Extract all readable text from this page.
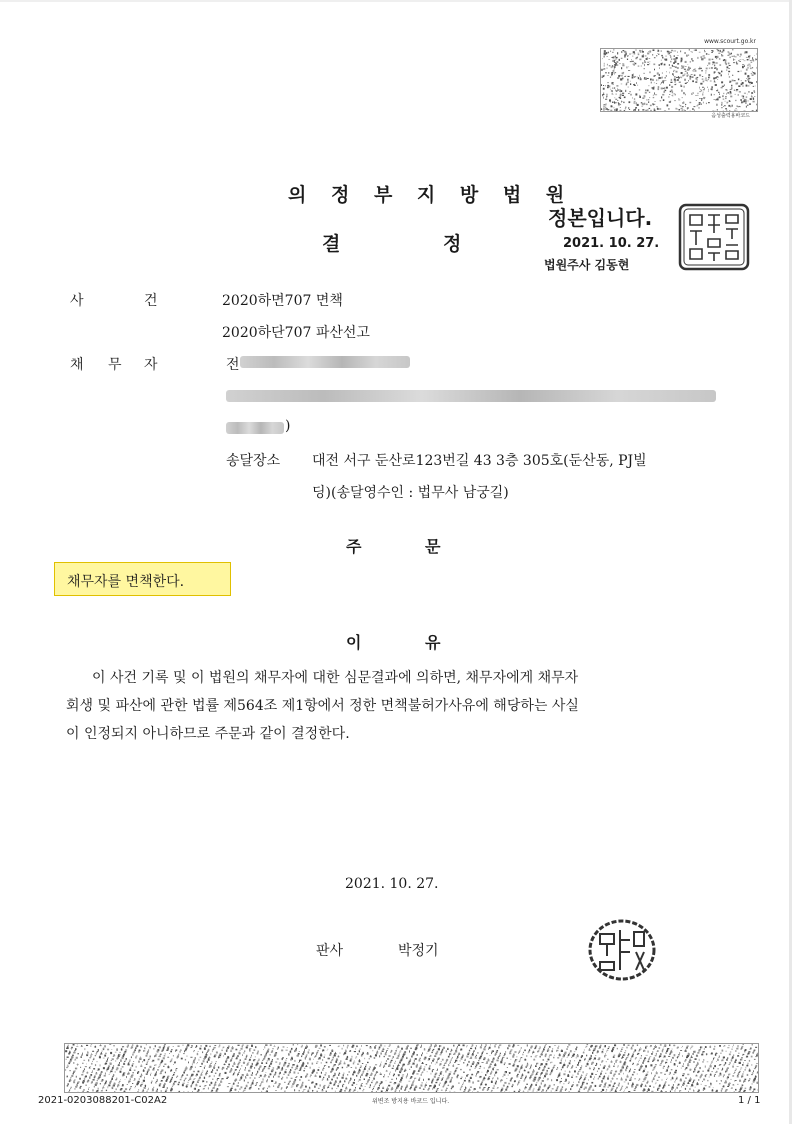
www.scourt.go.kr
음성출력용바코드
의 정 부 지 방 법 원
결	정
정본입니다.
2021. 10. 27.
법원주사 김동현
사	건	2020하면707 면책
2020하단707 파산선고
채 무 자	전
)
송달장소 대전 서구 둔산로123번길 43 3층 305호(둔산동, PJ빌
딩)(송달영수인 : 법무사 남궁길)
주	문
채무자를 면책한다.
이	유
이 사건 기록 및 이 법원의 채무자에 대한 심문결과에 의하면, 채무자에게 채무자
회생 및 파산에 관한 법률 제564조 제1항에서 정한 면책불허가사유에 해당하는 사실
이 인정되지 아니하므로 주문과 같이 결정한다.
2021. 10. 27.
판사	박정기
2021-0203088201-C02A2	위변조 방지용 바코드 입니다.	1 / 1
